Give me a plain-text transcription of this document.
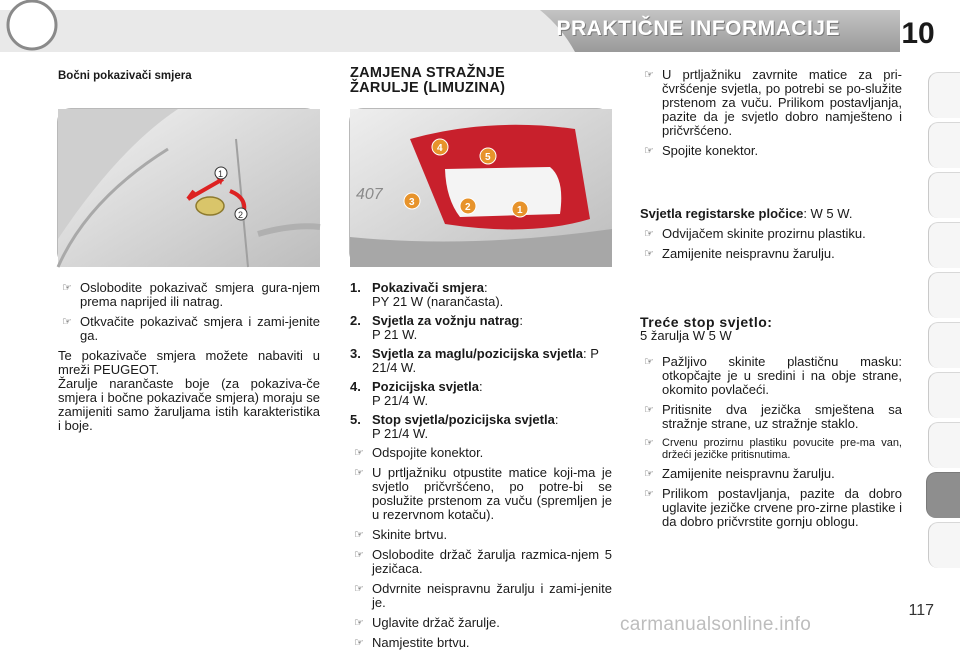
PRAKTIČNE INFORMACIJE	10
Bočni pokazivači smjera
1
2
☞ Oslobodite pokazivač smjera gura-njem prema naprijed ili natrag.
☞ Otkvačite pokazivač smjera i zami-jenite ga.
Te pokazivače smjera možete nabaviti u mreži PEUGEOT.
Žarulje narančaste boje (za pokaziva-če smjera i bočne pokazivače smjera) moraju se zamijeniti samo žaruljama istih karakteristika i boje.
ZAMJENA STRAŽNJE
ŽARULJE (LIMUZINA)
407
1
2
3
4
5
1. Pokazivači smjera:
PY 21 W (narančasta).
2. Svjetla za vožnju natrag:
P 21 W.
3. Svjetla za maglu/pozicijska svjetla: P 21/4 W.
4. Pozicijska svjetla:
P 21/4 W.
5. Stop svjetla/pozicijska svjetla:
P 21/4 W.
☞ Odspojite konektor.
☞ U prtljažniku otpustite matice koji-ma je svjetlo pričvršćeno, po potre-bi se poslužite prstenom za vuču (spremljen je u rezervnom kotaču).
☞ Skinite brtvu.
☞ Oslobodite držač žarulja razmica-njem 5 jezičaca.
☞ Odvrnite neispravnu žarulju i zami-jenite je.
☞ Uglavite držač žarulje.
☞ Namjestite brtvu.
☞ U prtljažniku zavrnite matice za pri-čvršćenje svjetla, po potrebi se po-služite prstenom za vuču. Prilikom postavljanja, pazite da je svjetlo dobro namješteno i pričvršćeno.
☞ Spojite konektor.
Svjetla registarske pločice: W 5 W.
☞ Odvijačem skinite prozirnu plastiku.
☞ Zamijenite neispravnu žarulju.
Treće stop svjetlo:
5 žarulja W 5 W
☞ Pažljivo skinite plastičnu masku: otkopčajte je u sredini i na obje strane, okomito povlačeći.
☞ Pritisnite dva jezička smještena sa stražnje strane, uz stražnje staklo.
☞ Crvenu prozirnu plastiku povucite pre-ma van, držeći jezičke pritisnutima.
☞ Zamijenite neispravnu žarulju.
☞ Prilikom postavljanja, pazite da dobro uglavite jezičke crvene pro-zirne plastike i da dobro pričvrstite gornju oblogu.
117
carmanualsonline.info
